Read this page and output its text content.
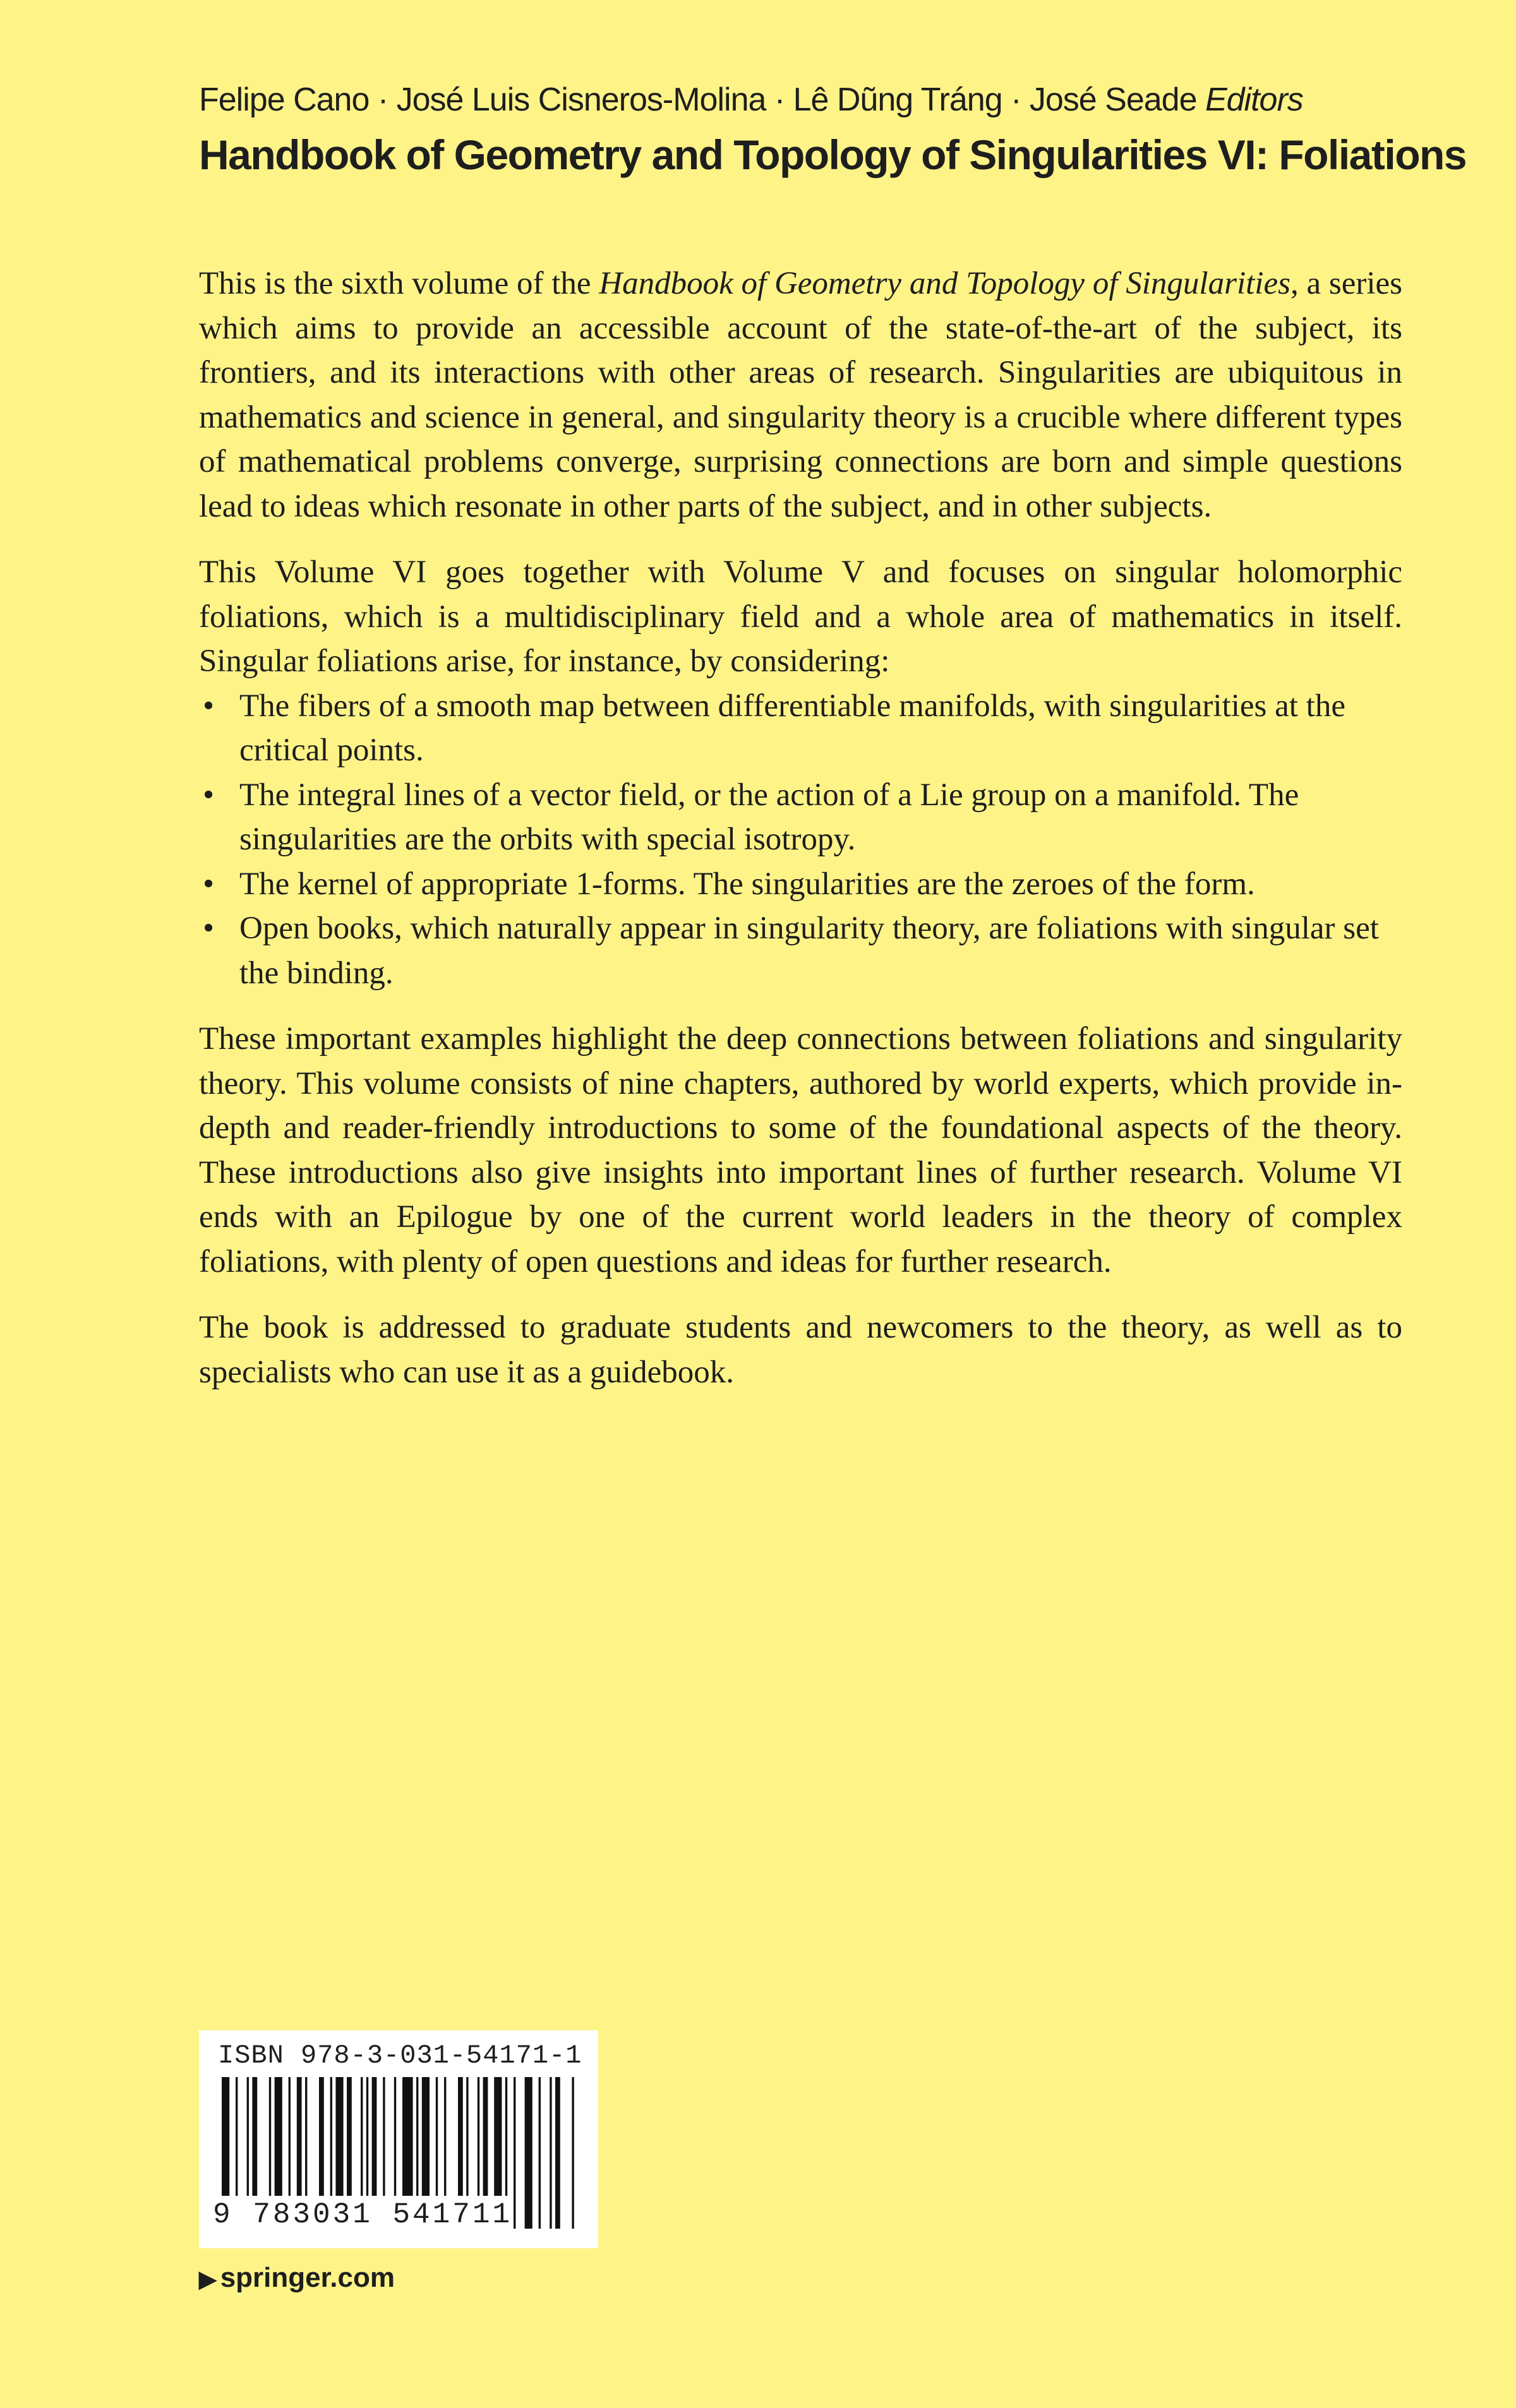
Felipe Cano · José Luis Cisneros-Molina · Lê Dũng Tráng · José Seade Editors
Handbook of Geometry and Topology of Singularities VI: Foliations

This is the sixth volume of the Handbook of Geometry and Topology of Singularities, a series which aims to provide an accessible account of the state-of-the-art of the subject, its frontiers, and its interactions with other areas of research. Singularities are ubiquitous in mathematics and science in general, and singularity theory is a crucible where different types of mathematical problems converge, surprising connections are born and simple questions lead to ideas which resonate in other parts of the subject, and in other subjects.

This Volume VI goes together with Volume V and focuses on singular holomorphic foliations, which is a multidisciplinary field and a whole area of mathematics in itself. Singular foliations arise, for instance, by considering:

• The fibers of a smooth map between differentiable manifolds, with singularities at the critical points.
• The integral lines of a vector field, or the action of a Lie group on a manifold. The singularities are the orbits with special isotropy.
• The kernel of appropriate 1-forms. The singularities are the zeroes of the form.
• Open books, which naturally appear in singularity theory, are foliations with singular set the binding.

These important examples highlight the deep connections between foliations and singularity theory. This volume consists of nine chapters, authored by world experts, which provide in-depth and reader-friendly introductions to some of the foundational aspects of the theory. These introductions also give insights into important lines of further research. Volume VI ends with an Epilogue by one of the current world leaders in the theory of complex foliations, with plenty of open questions and ideas for further research.

The book is addressed to graduate students and newcomers to the theory, as well as to specialists who can use it as a guidebook.

ISBN 978-3-031-54171-1
9 783031 541711
▶ springer.com
